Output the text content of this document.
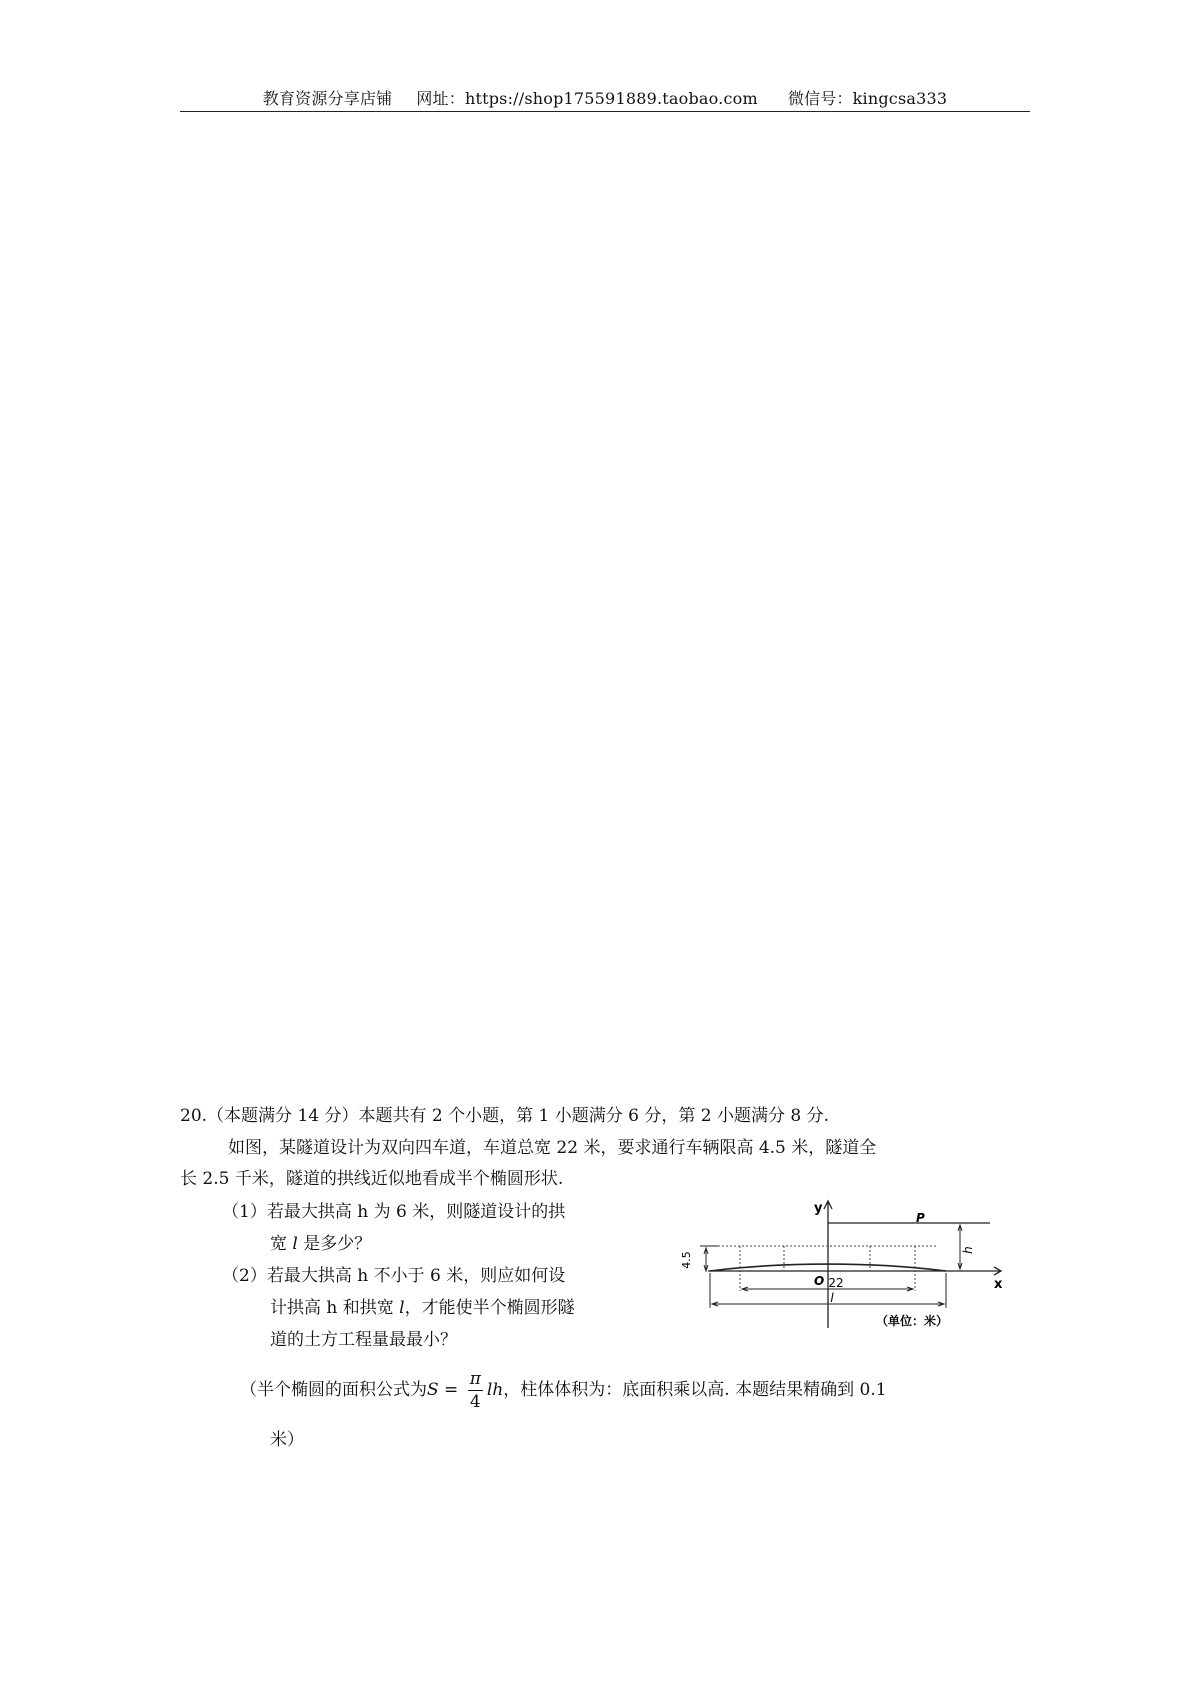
教育资源分享店铺 网址：https://shop175591889.taobao.com 微信号：kingcsa333
20.（本题满分 14 分）本题共有 2 个小题，第 1 小题满分 6 分，第 2 小题满分 8 分.
如图，某隧道设计为双向四车道，车道总宽 22 米，要求通行车辆限高 4.5 米，隧道全
长 2.5 千米，隧道的拱线近似地看成半个椭圆形状.
（1）若最大拱高 h 为 6 米，则隧道设计的拱
宽 l 是多少？
（2）若最大拱高 h 不小于 6 米，则应如何设
计拱高 h 和拱宽 l，才能使半个椭圆形隧
道的土方工程量最最小？
（半个椭圆的面积公式为$S = \frac{\pi}{4}$ lh，柱体体积为：底面积乘以高. 本题结果精确到 0.1
米）
4.5
h
22
l
y
x
O
P
（单位：米）
